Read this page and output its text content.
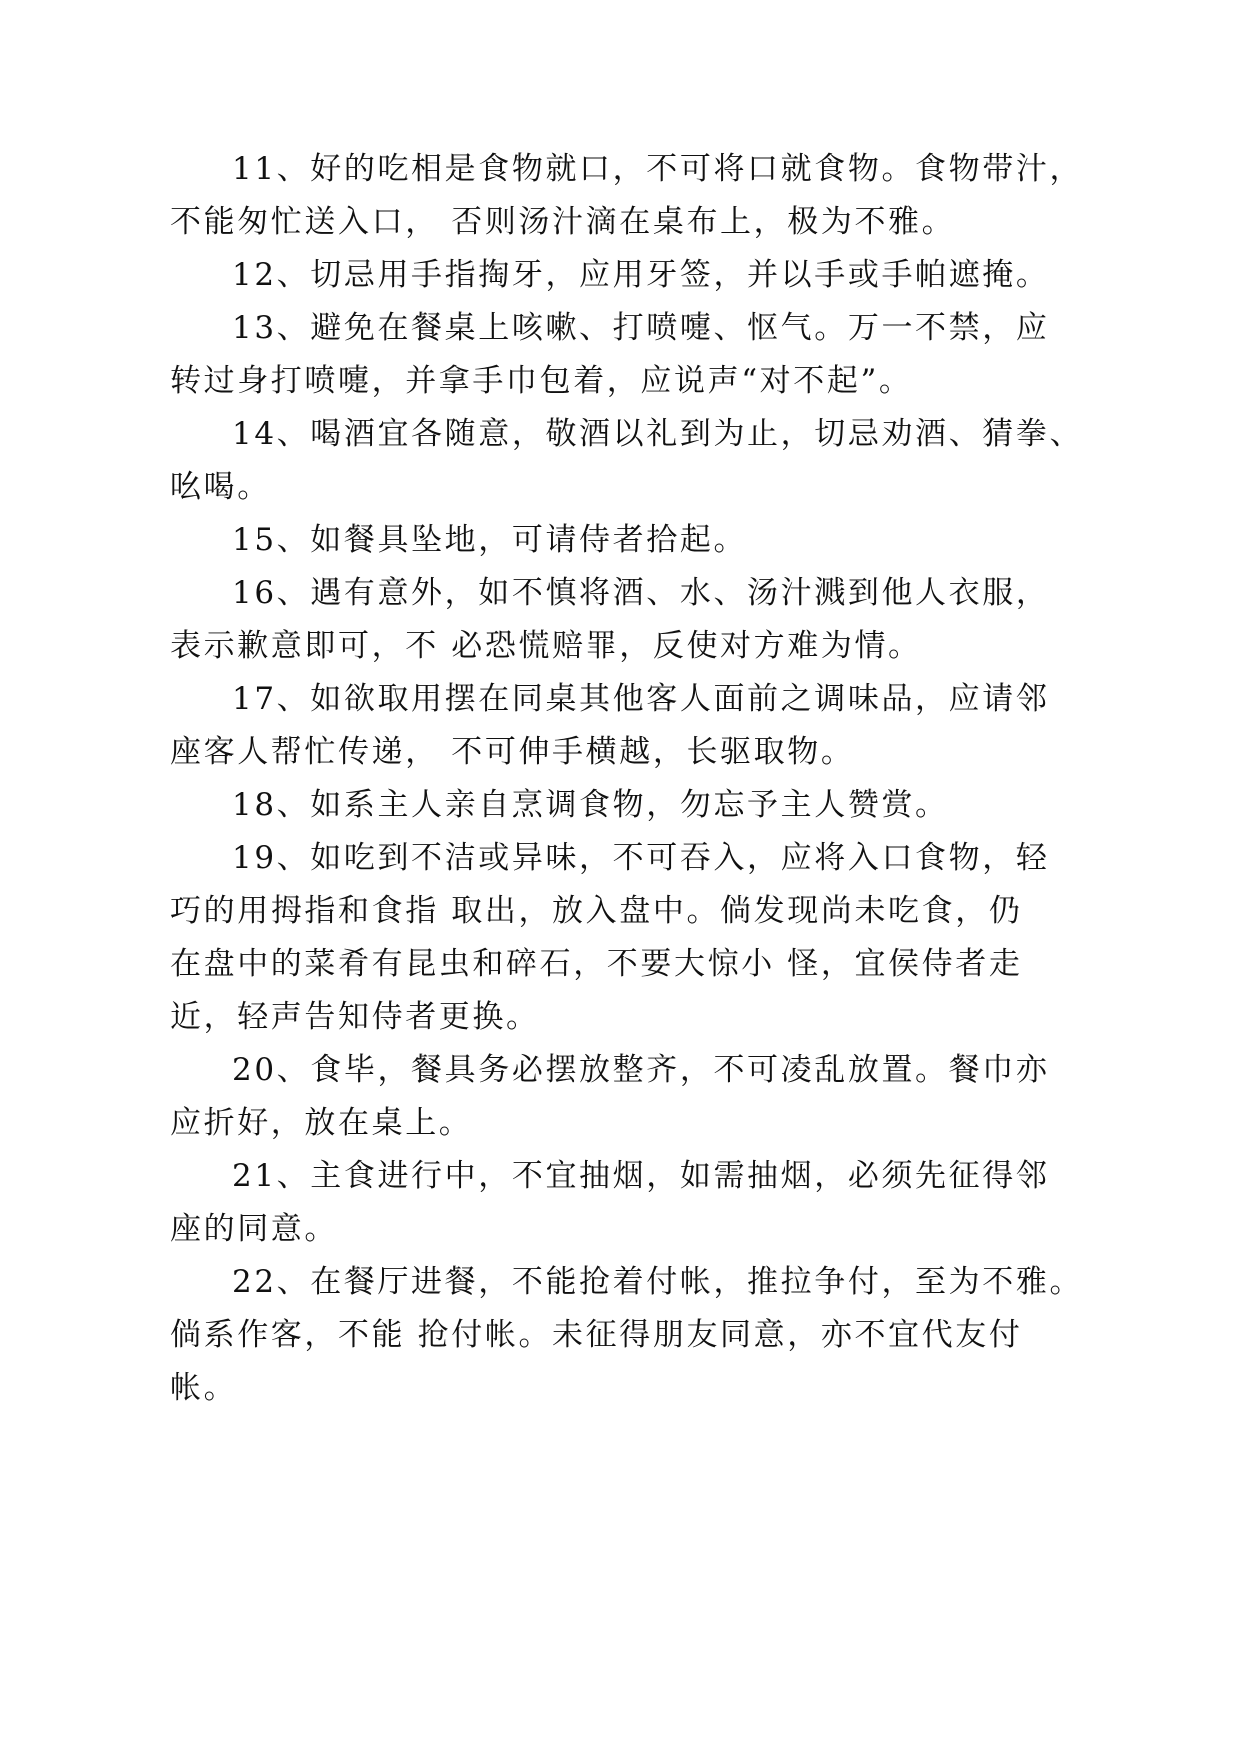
11、好的吃相是食物就口，不可将口就食物。食物带汁，
不能匆忙送入口， 否则汤汁滴在桌布上，极为不雅。
12、切忌用手指掏牙，应用牙签，并以手或手帕遮掩。
13、避免在餐桌上咳嗽、打喷嚏、怄气。万一不禁，应
转过身打喷嚏，并拿手巾包着，应说声“对不起”。
14、喝酒宜各随意，敬酒以礼到为止，切忌劝酒、猜拳、
吆喝。
15、如餐具坠地，可请侍者拾起。
16、遇有意外，如不慎将酒、水、汤汁溅到他人衣服，
表示歉意即可，不 必恐慌赔罪，反使对方难为情。
17、如欲取用摆在同桌其他客人面前之调味品，应请邻
座客人帮忙传递， 不可伸手横越，长驱取物。
18、如系主人亲自烹调食物，勿忘予主人赞赏。
19、如吃到不洁或异味，不可吞入，应将入口食物，轻
巧的用拇指和食指 取出，放入盘中。倘发现尚未吃食，仍
在盘中的菜肴有昆虫和碎石，不要大惊小 怪，宜侯侍者走
近，轻声告知侍者更换。
20、食毕，餐具务必摆放整齐，不可凌乱放置。餐巾亦
应折好，放在桌上。
21、主食进行中，不宜抽烟，如需抽烟，必须先征得邻
座的同意。
22、在餐厅进餐，不能抢着付帐，推拉争付，至为不雅。
倘系作客，不能 抢付帐。未征得朋友同意，亦不宜代友付
帐。
